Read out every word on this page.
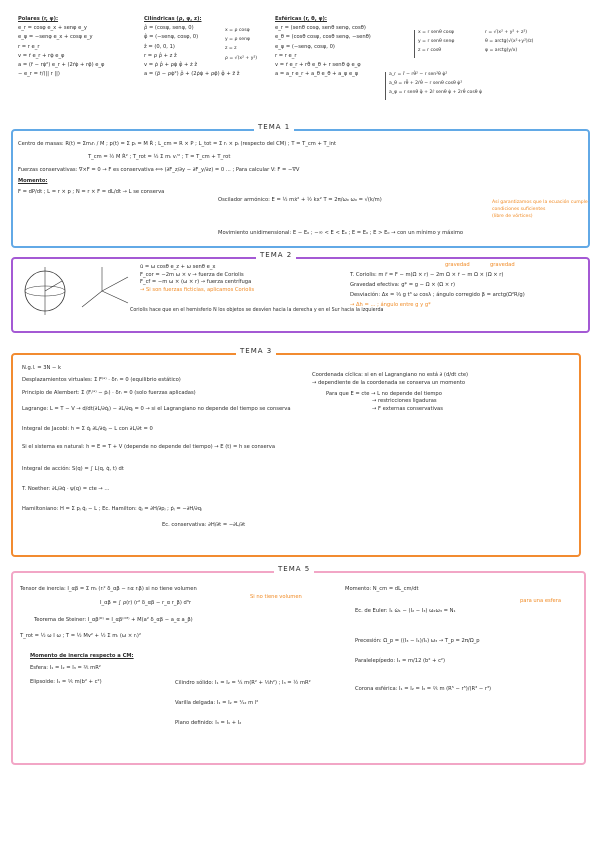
Polares (r, φ):
e_r = cosφ e_x + senφ e_y
e_φ = −senφ e_x + cosφ e_y
r = r e_r
v = ṙ e_r + rφ̇ e_φ
a = (r̈ − rφ̇²) e_r + (2ṙφ̇ + rφ̈) e_φ
− e_r = ṙ/(|| r ||)
Cilíndricas (ρ, φ, z):
ρ̂ = (cosφ, senφ, 0)
φ̂ = (−senφ, cosφ, 0)
ẑ = (0, 0, 1)
r = ρ ρ̂ + z ẑ
v = ρ̇ ρ̂ + ρφ̇ φ̂ + ż ẑ
a = (ρ̈ − ρφ̇²) ρ̂ + (2ρ̇φ̇ + ρφ̈) φ̂ + z̈ ẑ
x = ρ cosφ
y = ρ senφ
z = z
ρ = √(x² + y²)
Esféricas (r, θ, φ):
e_r = (senθ cosφ, senθ senφ, cosθ)
e_θ = (cosθ cosφ, cosθ senφ, −senθ)
e_φ = (−senφ, cosφ, 0)
r = r e_r
v = ṙ e_r + rθ̇ e_θ + r senθ φ̇ e_φ
a = a_r e_r + a_θ e_θ + a_φ e_φ
x = r senθ cosφ
y = r senθ senφ
z = r cosθ
r = √(x² + y² + z²)
θ = arctg(√(x²+y²)/z)
φ = arctg(y/x)
a_r = r̈ − rθ̇² − r sen²θ φ̇²
a_θ = rθ̈ + 2ṙθ̇ − r senθ cosθ φ̇²
a_φ = r senθ φ̈ + 2ṙ senθ φ̇ + 2rθ̇ cosθ φ̇
TEMA 1
Centro de masas: R(t) = Σmᵢrᵢ / M ; p(t) = Σ pᵢ = M Ṙ ; L_cm = R × P ; L_tot = Σ rᵢ × pᵢ (respecto del CM) ; T = T_cm + T_int
T_cm = ½ M Ṙ² ; T_rot = ½ Σ mᵢ vᵢ'² ; T = T_cm + T_rot
Fuerzas conservativas: ∇×F = 0 → F es conservativa ⟺ (∂F_z/∂y − ∂F_y/∂z) = 0 ... ; Para calcular V: F = −∇V
Momento:
F = dP/dt ; L = r × p ; N = r × F = dL/dt → L se conserva
Oscilador armónico: E = ½ mẋ² + ½ kx² T = 2π/ω₀ ω₀ = √(k/m)
Movimiento unidimensional: E − E₀ ; −∞ < E < E₀ ; E = E₀ ; E > E₀ → con un mínimo y máximo
Así garantizamos que la ecuación cumple
condiciones suficientes
(libre de vórtices)
TEMA 2
ū = ω cosθ e_z + ω senθ e_x
F_cor = −2m ω × v → fuerza de Coriolis
F_cf = −m ω × (ω × r) → fuerza centrífuga
→ Si son fuerzas ficticias, aplicamos Coriolis
Coriolis hace que en el hemisferio N los objetos se desvíen hacia la derecha y en el Sur hacia la izquierda
T. Coriolis: m r̈ = F − m(Ω̇ × r) − 2m Ω × ṙ − m Ω × (Ω × r)
Gravedad efectiva: g* = g − Ω × (Ω × r)
Desviación: Δx = ⅓ g t³ ω cosλ ; ángulo corregido β = arctg(Ω²R/g)
→ Δh = ... ; ángulo entre g y g*
gravedad	gravedad
TEMA 3
N.g.l. = 3N − k
Desplazamientos virtuales: Σ F⁽ᵃ⁾ · δrᵢ = 0 (equilibrio estático)
Principio de Alembert: Σ (Fᵢ⁽ᵃ⁾ − ṗᵢ) · δrᵢ = 0 (solo fuerzas aplicadas)
Lagrange: L = T − V → d/dt(∂L/∂q̇ⱼ) − ∂L/∂qⱼ = 0 → si el Lagrangiano no depende del tiempo se conserva
Integral de Jacobi: h = Σ q̇ⱼ ∂L/∂q̇ⱼ − L con ∂L/∂t = 0
Si el sistema es natural: h = E = T + V (depende no depende del tiempo) → E (t) = h se conserva
Integral de acción: S(q) = ∫ L(q, q̇, t) dt
T. Noether: ∂L/∂q̇ · ψ(q) = cte → ...
Hamiltoniano: H = Σ pⱼ q̇ⱼ − L ; Ec. Hamilton: q̇ⱼ = ∂H/∂pⱼ ; ṗⱼ = −∂H/∂qⱼ
Ec. conservativa: ∂H/∂t = −∂L/∂t
Coordenada cíclica: si en el Lagrangiano no está ∂ (d/dt cte)
→ dependiente de la coordenada se conserva un momento
Para que E = cte → L no depende del tiempo
→ restricciones ligaduras
→ F externas conservativas
TEMA 5
Tensor de inercia: I_αβ = Σ mᵢ (rᵢ² δ_αβ − rᵢα rᵢβ) si no tiene volumen
I_αβ = ∫ ρ(r) (r² δ_αβ − r_α r_β) d³r
Teorema de Steiner: I_αβ⁽ᴼ⁾ = I_αβ⁽ᶜᴹ⁾ + M(a² δ_αβ − a_α a_β)
T_rot = ½ ω I ω ; T = ½ Mv² + ½ Σ mᵢ (ω × rᵢ)²
Momento de inercia respecto a CM:
Esfera: I₁ = I₂ = I₃ = ⅖ mR²
Elipsoide: I₁ = ⅕ m(b² + c²)	Cilindro sólido: I₁ = I₂ = ¼ m(R² + ⅓h²) ; I₃ = ½ mR²
Varilla delgada: I₁ = I₂ = ¹⁄₁₂ m l²
Plano definido: I₃ = I₁ + I₂
Momento: N_cm = dL_cm/dt
Ec. de Euler: I₁ ω̇₁ − (I₂ − I₃) ω₂ω₃ = N₁
Precesión: Ω_p = ((I₃ − I₁)/I₁) ω₃ → T_p = 2π/Ω_p
Paralelepípedo: I₁ = m/12 (b² + c²)
Corona esférica: I₁ = I₂ = I₃ = ⅖ m (R⁵ − r⁵)/(R³ − r³)
Si no tiene volumen
para una esfera
